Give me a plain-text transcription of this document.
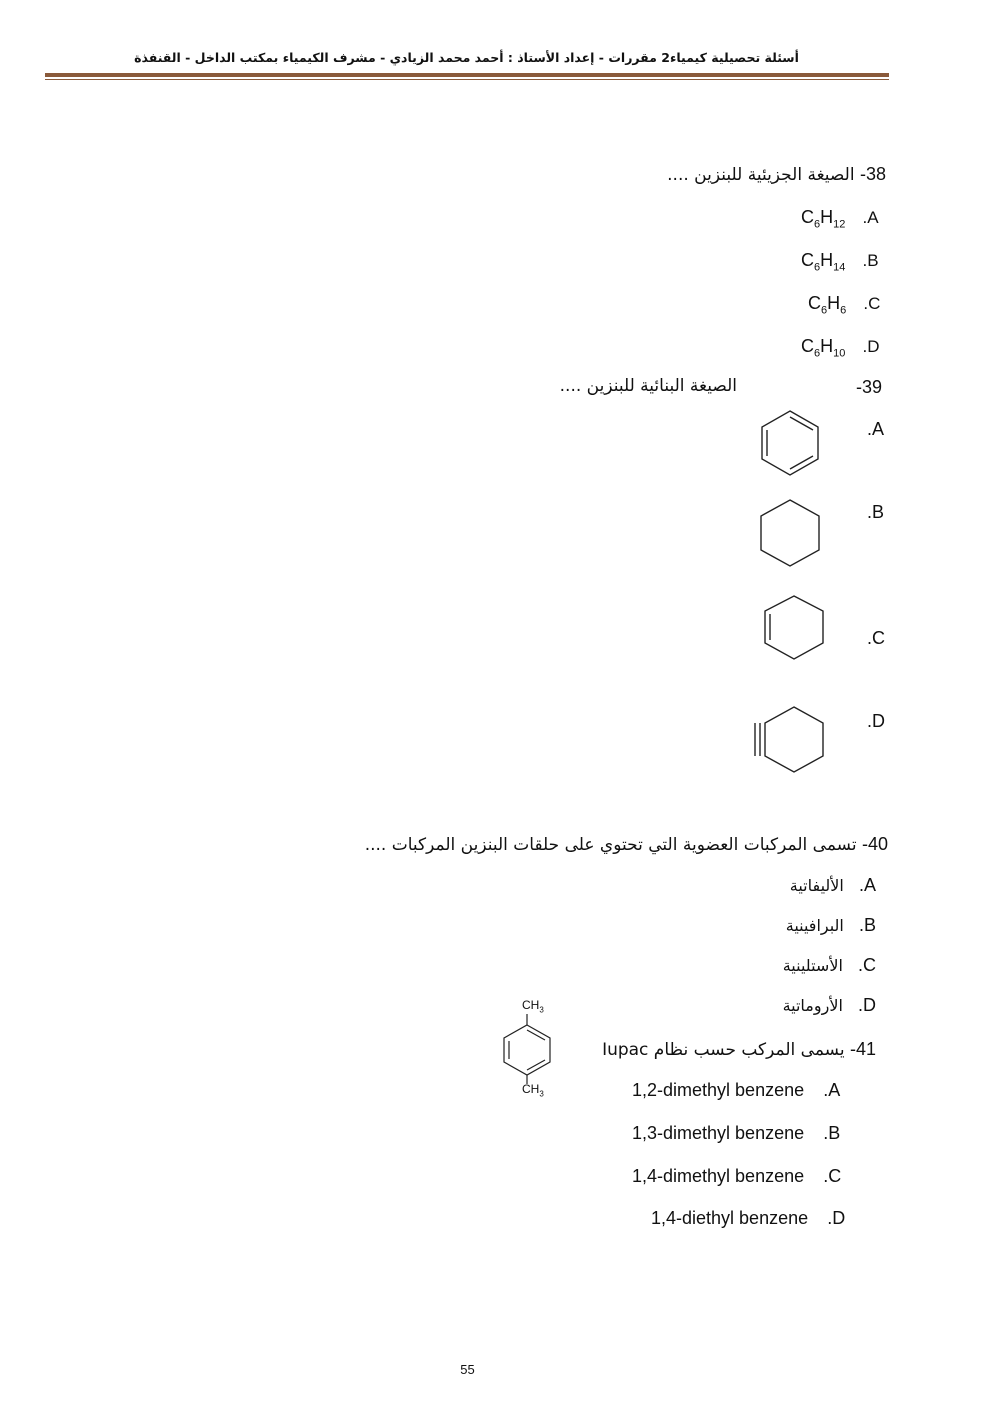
أسئلة تحصيلية كيمياء2 مقررات - إعداد الأستاذ : أحمد محمد الزيادي - مشرف الكيمياء بمكتب الداخل - القنفذة
38- الصيغة الجزيئية للبنزين ....
$C_6H_{12}$ .A
$C_6H_{14}$ .B
$C_6H_6$ .C
$C_6H_{10}$ .D
الصيغة البنائية للبنزين ....	-39
.A
.B
.C
.D
40- تسمى المركبات العضوية التي تحتوي على حلقات البنزين المركبات ....
A. الأليفاتية
B. البرافينية
C. الأستلينية
D. الأروماتية
41- يسمى المركب حسب نظام Iupac
$CH_3$
$CH_3$	1,2-dimethyl benzene .A
1,3-dimethyl benzene .B
1,4-dimethyl benzene .C
1,4-diethyl benzene .D
55
